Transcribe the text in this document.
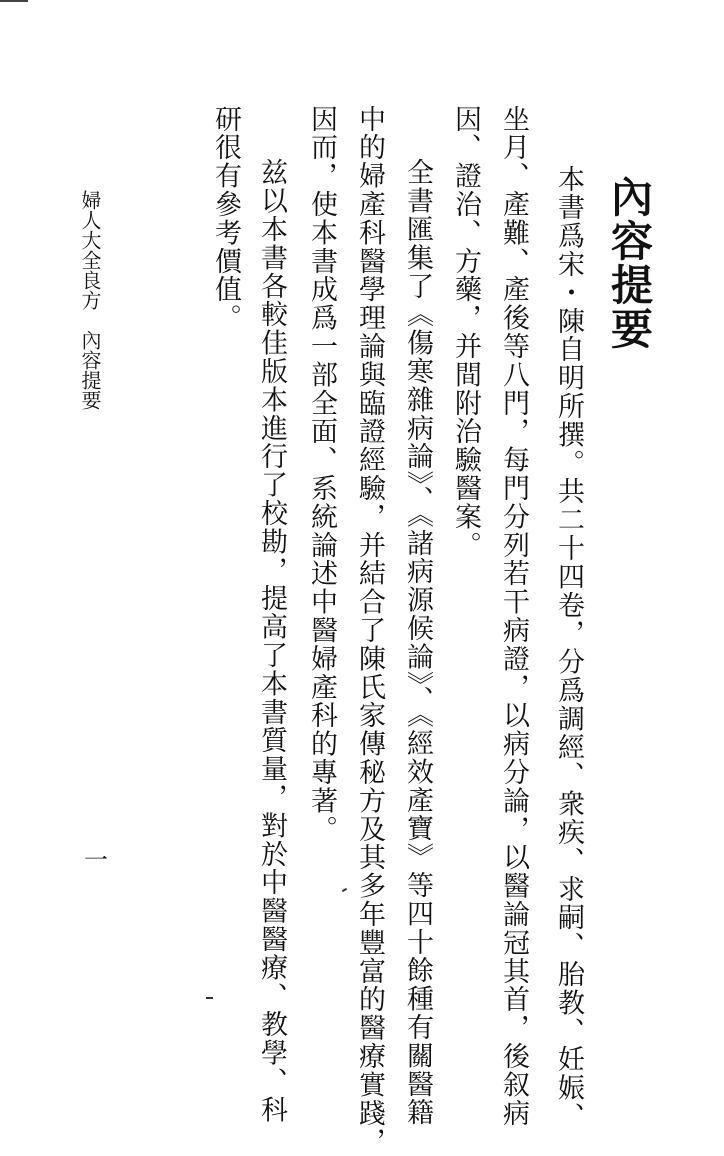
內容提要
本書爲宋・陳自明所撰。共二十四卷，分爲調經、衆疾、求嗣、胎教、妊娠、
坐月、產難、產後等八門，每門分列若干病證，以病分論，以醫論冠其首，後叙病
因、證治、方藥，并間附治驗醫案。
　全書匯集了《傷寒雜病論》、《諸病源候論》、《經效產寶》等四十餘種有關醫籍
中的婦產科醫學理論與臨證經驗，并結合了陳氏家傳秘方及其多年豐富的醫療實踐，
因而，使本書成爲一部全面、系統論述中醫婦產科的專著。
　兹以本書各較佳版本進行了校勘，提高了本書質量，對於中醫醫療、教學、科
研很有參考價值。
婦人大全良方　內容提要
一
